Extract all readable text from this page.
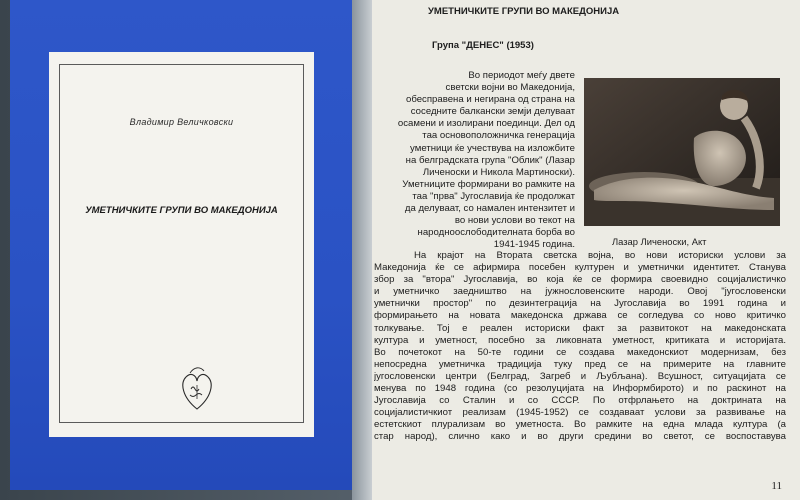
Владимир Величковски
УМЕТНИЧКИТЕ ГРУПИ ВО МАКЕДОНИЈА
УМЕТНИЧКИТЕ ГРУПИ ВО МАКЕДОНИЈА
Група "ДЕНЕС" (1953)
Во периодот меѓу двете
светски војни во Македонија,
обесправена и негирана од страна на
соседните балкански земји делуваат
осамени и изолирани поединци. Дел од
таа основоположничка генерација
уметници ќе учествува на изложбите
на белградската група "Облик" (Лазар
Личеноски и Никола Мартиноски).
Уметниците формирани во рамките на
таа "прва" Југославија ќе продолжат
да делуваат, со намален интензитет и
во нови услови во текот на
народноослободителната борба во
1941-1945 година.	Лазар Личеноски, Акт
На крајот на Втората светска војна, во нови историски услови за
Македонија ќе се афирмира посебен културен и уметнички идентитет. Станува
збор за "втора" Југославија, во која ќе се формира своевидно социјалистичко
и уметничко заедништво на јужнословенските народи. Овој "југословенски
уметнички простор" по дезинтеграција на Југославија во 1991 година и
формирањето на новата македонска држава се согледува со ново критичко
толкување. Тој е реален историски факт за развитокот на македонската
култура и уметност, посебно за ликовната уметност, критиката и историјата.
Во почетокот на 50-те години се создава македонскиот модернизам, без
непосредна уметничка традиција туку пред се на примерите на главните
југословенски центри (Белград, Загреб и Љубљана). Всушност, ситуацијата се
менува по 1948 година (со резолуцијата на Информбирото) и по раскинот на
Југославија со Сталин и со СССР. По отфрлањето на доктрината на
социјалистичкиот реализам (1945-1952) се создаваат услови за развивање на
естетскиот плурализам во уметноста. Во рамките на една млада култура (а
стар народ), слично како и во други средини во светот, се воспоставува
11
